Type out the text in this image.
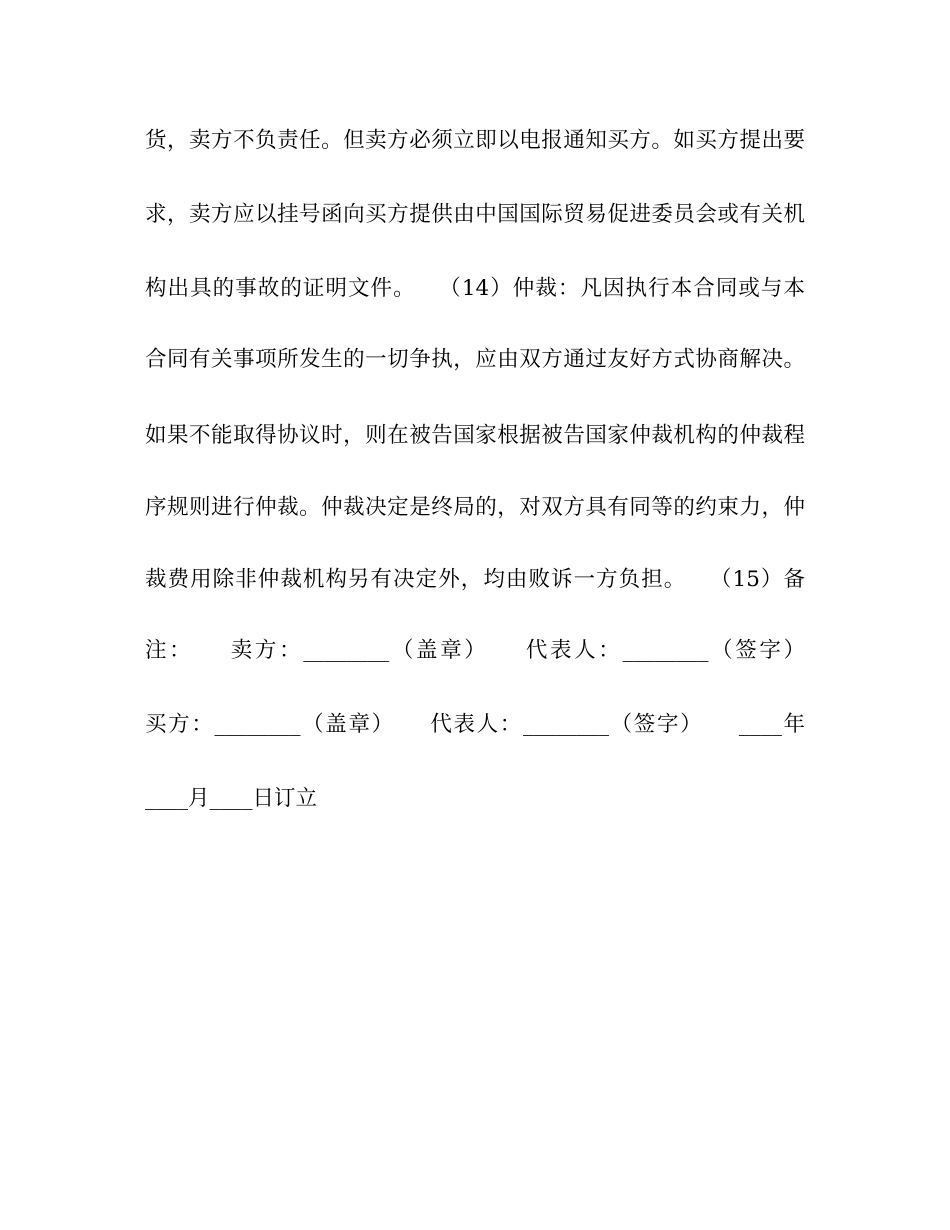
货，卖方不负责任。但卖方必须立即以电报通知买方。如买方提出要
求，卖方应以挂号函向买方提供由中国国际贸易促进委员会或有关机
构出具的事故的证明文件。　　（14）仲裁：凡因执行本合同或与本
合同有关事项所发生的一切争执，应由双方通过友好方式协商解决。
如果不能取得协议时，则在被告国家根据被告国家仲裁机构的仲裁程
序规则进行仲裁。仲裁决定是终局的，对双方具有同等的约束力，仲
裁费用除非仲裁机构另有决定外，均由败诉一方负担。　　（15）备
注：　　卖方：________（盖章）　　代表人：________（签字）
买方：________（盖章）　　代表人：________（签字）　　____年
____月____日订立
